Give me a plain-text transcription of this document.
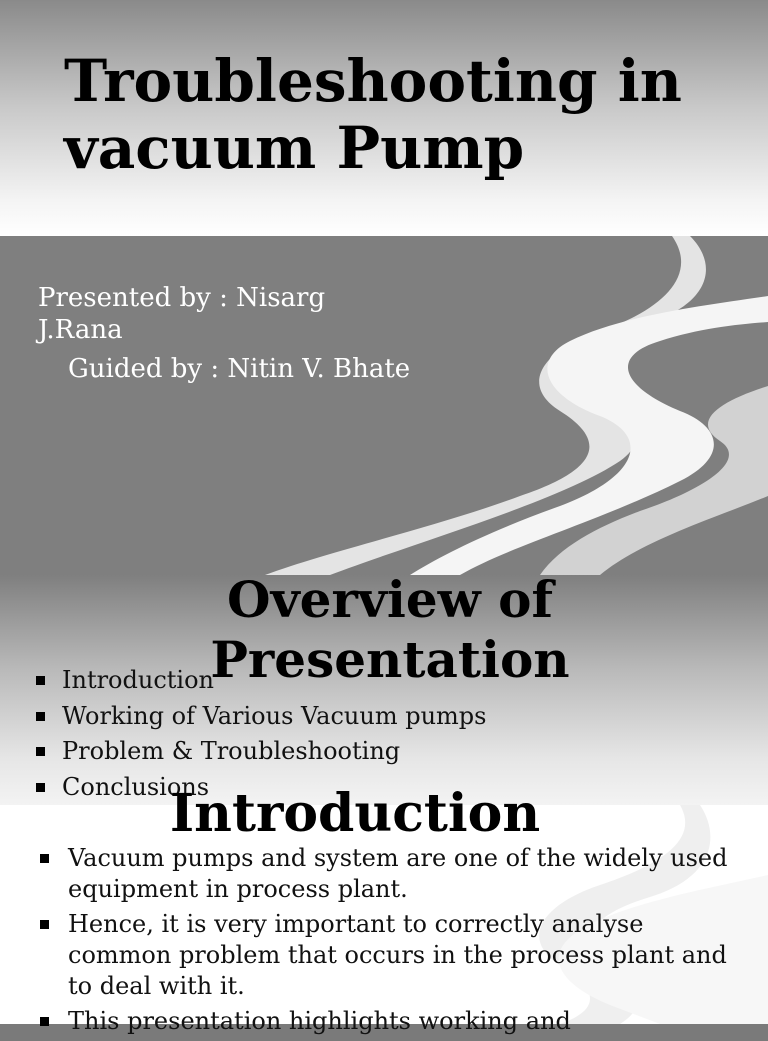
Troubleshooting in
vacuum Pump
Presented by : Nisarg J.Rana
Guided by : Nitin V. Bhate
Overview of
Presentation
Introduction
Working of Various Vacuum pumps
Problem & Troubleshooting
Conclusions
Introduction
Vacuum pumps and system are one of the widely used equipment in process plant.
Hence, it is very important to correctly analyse common problem that occurs in the process plant and to deal with it.
This presentation highlights working and
